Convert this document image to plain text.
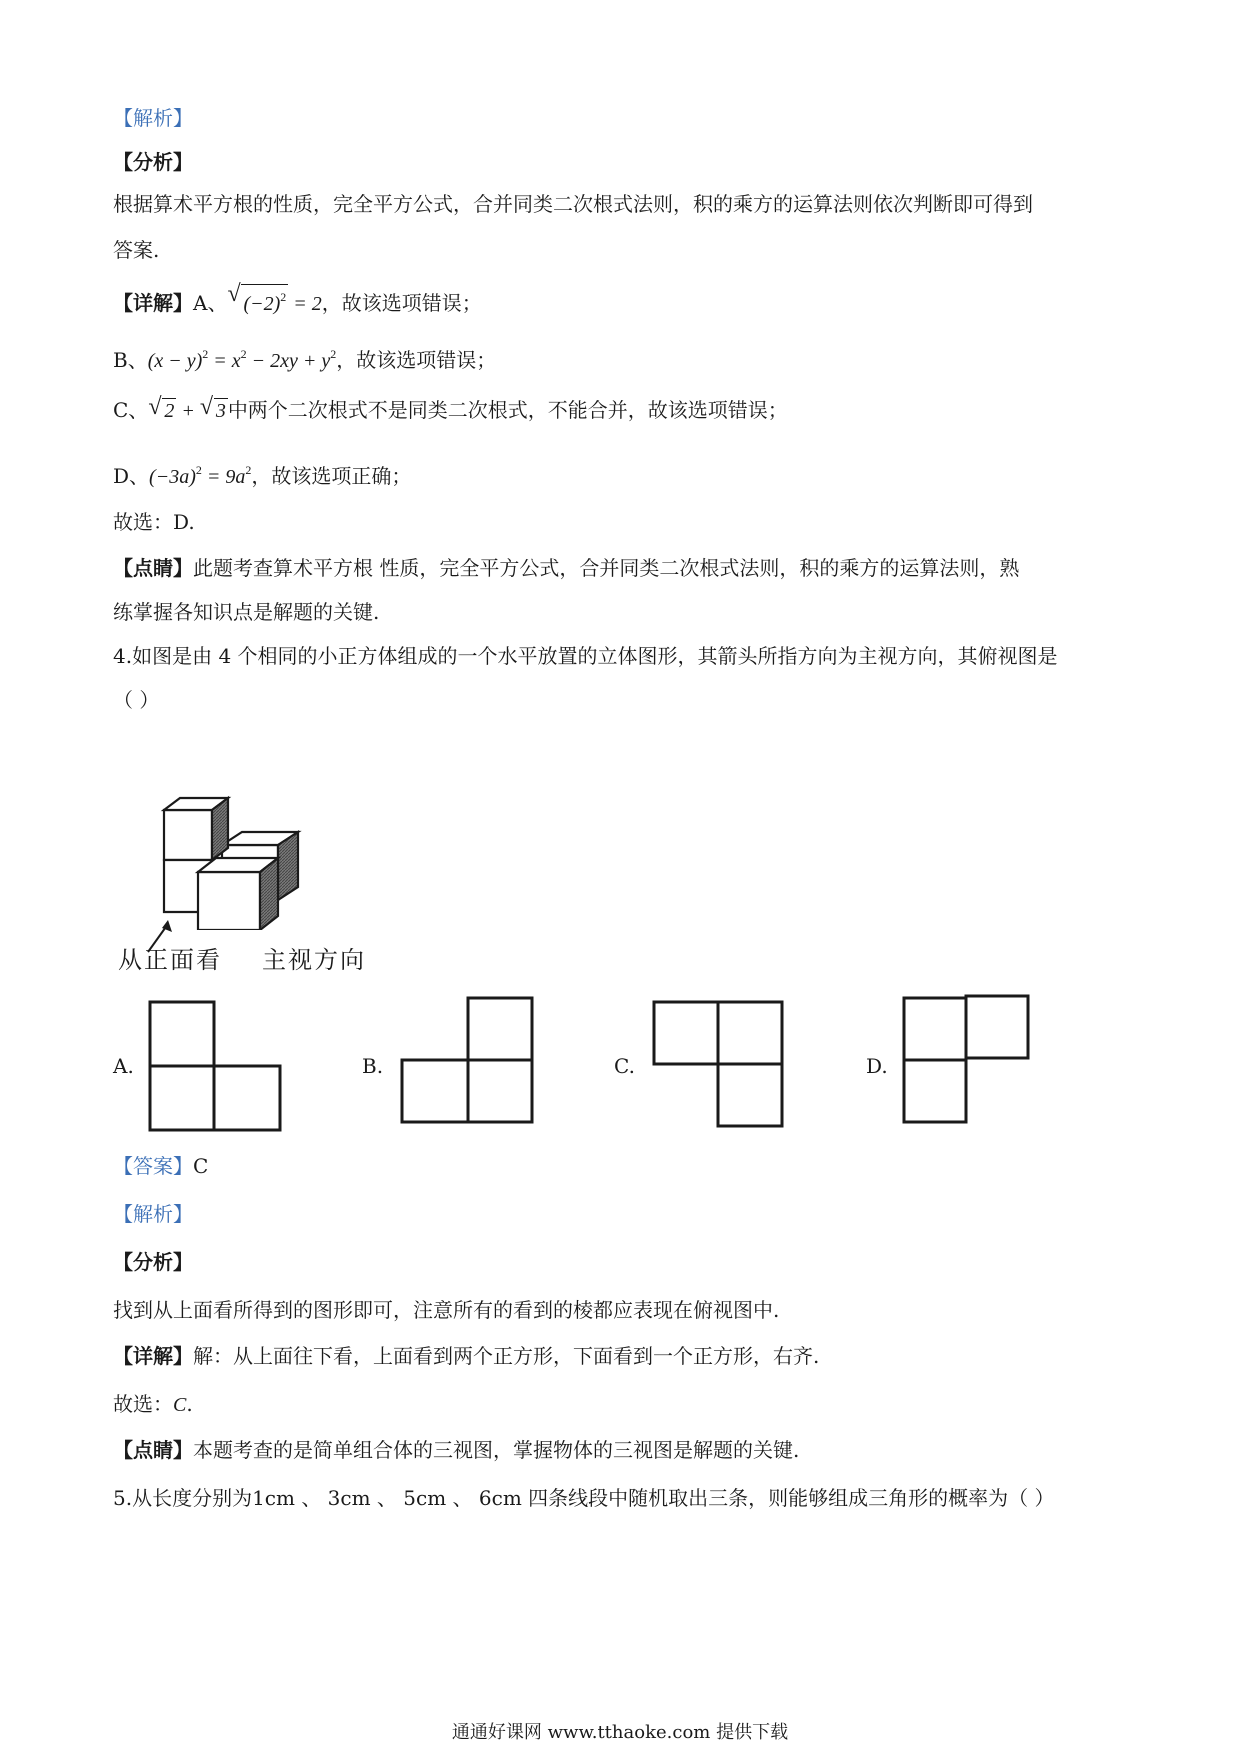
【解析】
【分析】
根据算术平方根的性质，完全平方公式，合并同类二次根式法则，积的乘方的运算法则依次判断即可得到
答案.
【详解】A、 √ $(-2)^2 = 2$，故该选项错误；
B、$(x - y)^2 = x^2 - 2xy + y^2$，故该选项错误；
C、 √ 2 + √ 3 中两个二次根式不是同类二次根式，不能合并，故该选项错误；
D、$(-3a)^2 = 9a^2$，故该选项正确；
故选：D.
【点睛】此题考查算术平方根 性质，完全平方公式，合并同类二次根式法则，积的乘方的运算法则，熟
练掌握各知识点是解题的关键.
4.如图是由 4 个相同的小正方体组成的一个水平放置的立体图形，其箭头所指方向为主视方向，其俯视图是
（ ）
从正面看 主视方向
A.	B.	C.	D.
【答案】C
【解析】
【分析】
找到从上面看所得到的图形即可，注意所有的看到的棱都应表现在俯视图中.
【详解】解：从上面往下看，上面看到两个正方形，下面看到一个正方形，右齐.
故选：C.
【点睛】本题考查的是简单组合体的三视图，掌握物体的三视图是解题的关键.
5.从长度分别为1cm 、 3cm 、 5cm 、 6cm 四条线段中随机取出三条，则能够组成三角形的概率为（ ）
通通好课网 www.tthaoke.com 提供下载
